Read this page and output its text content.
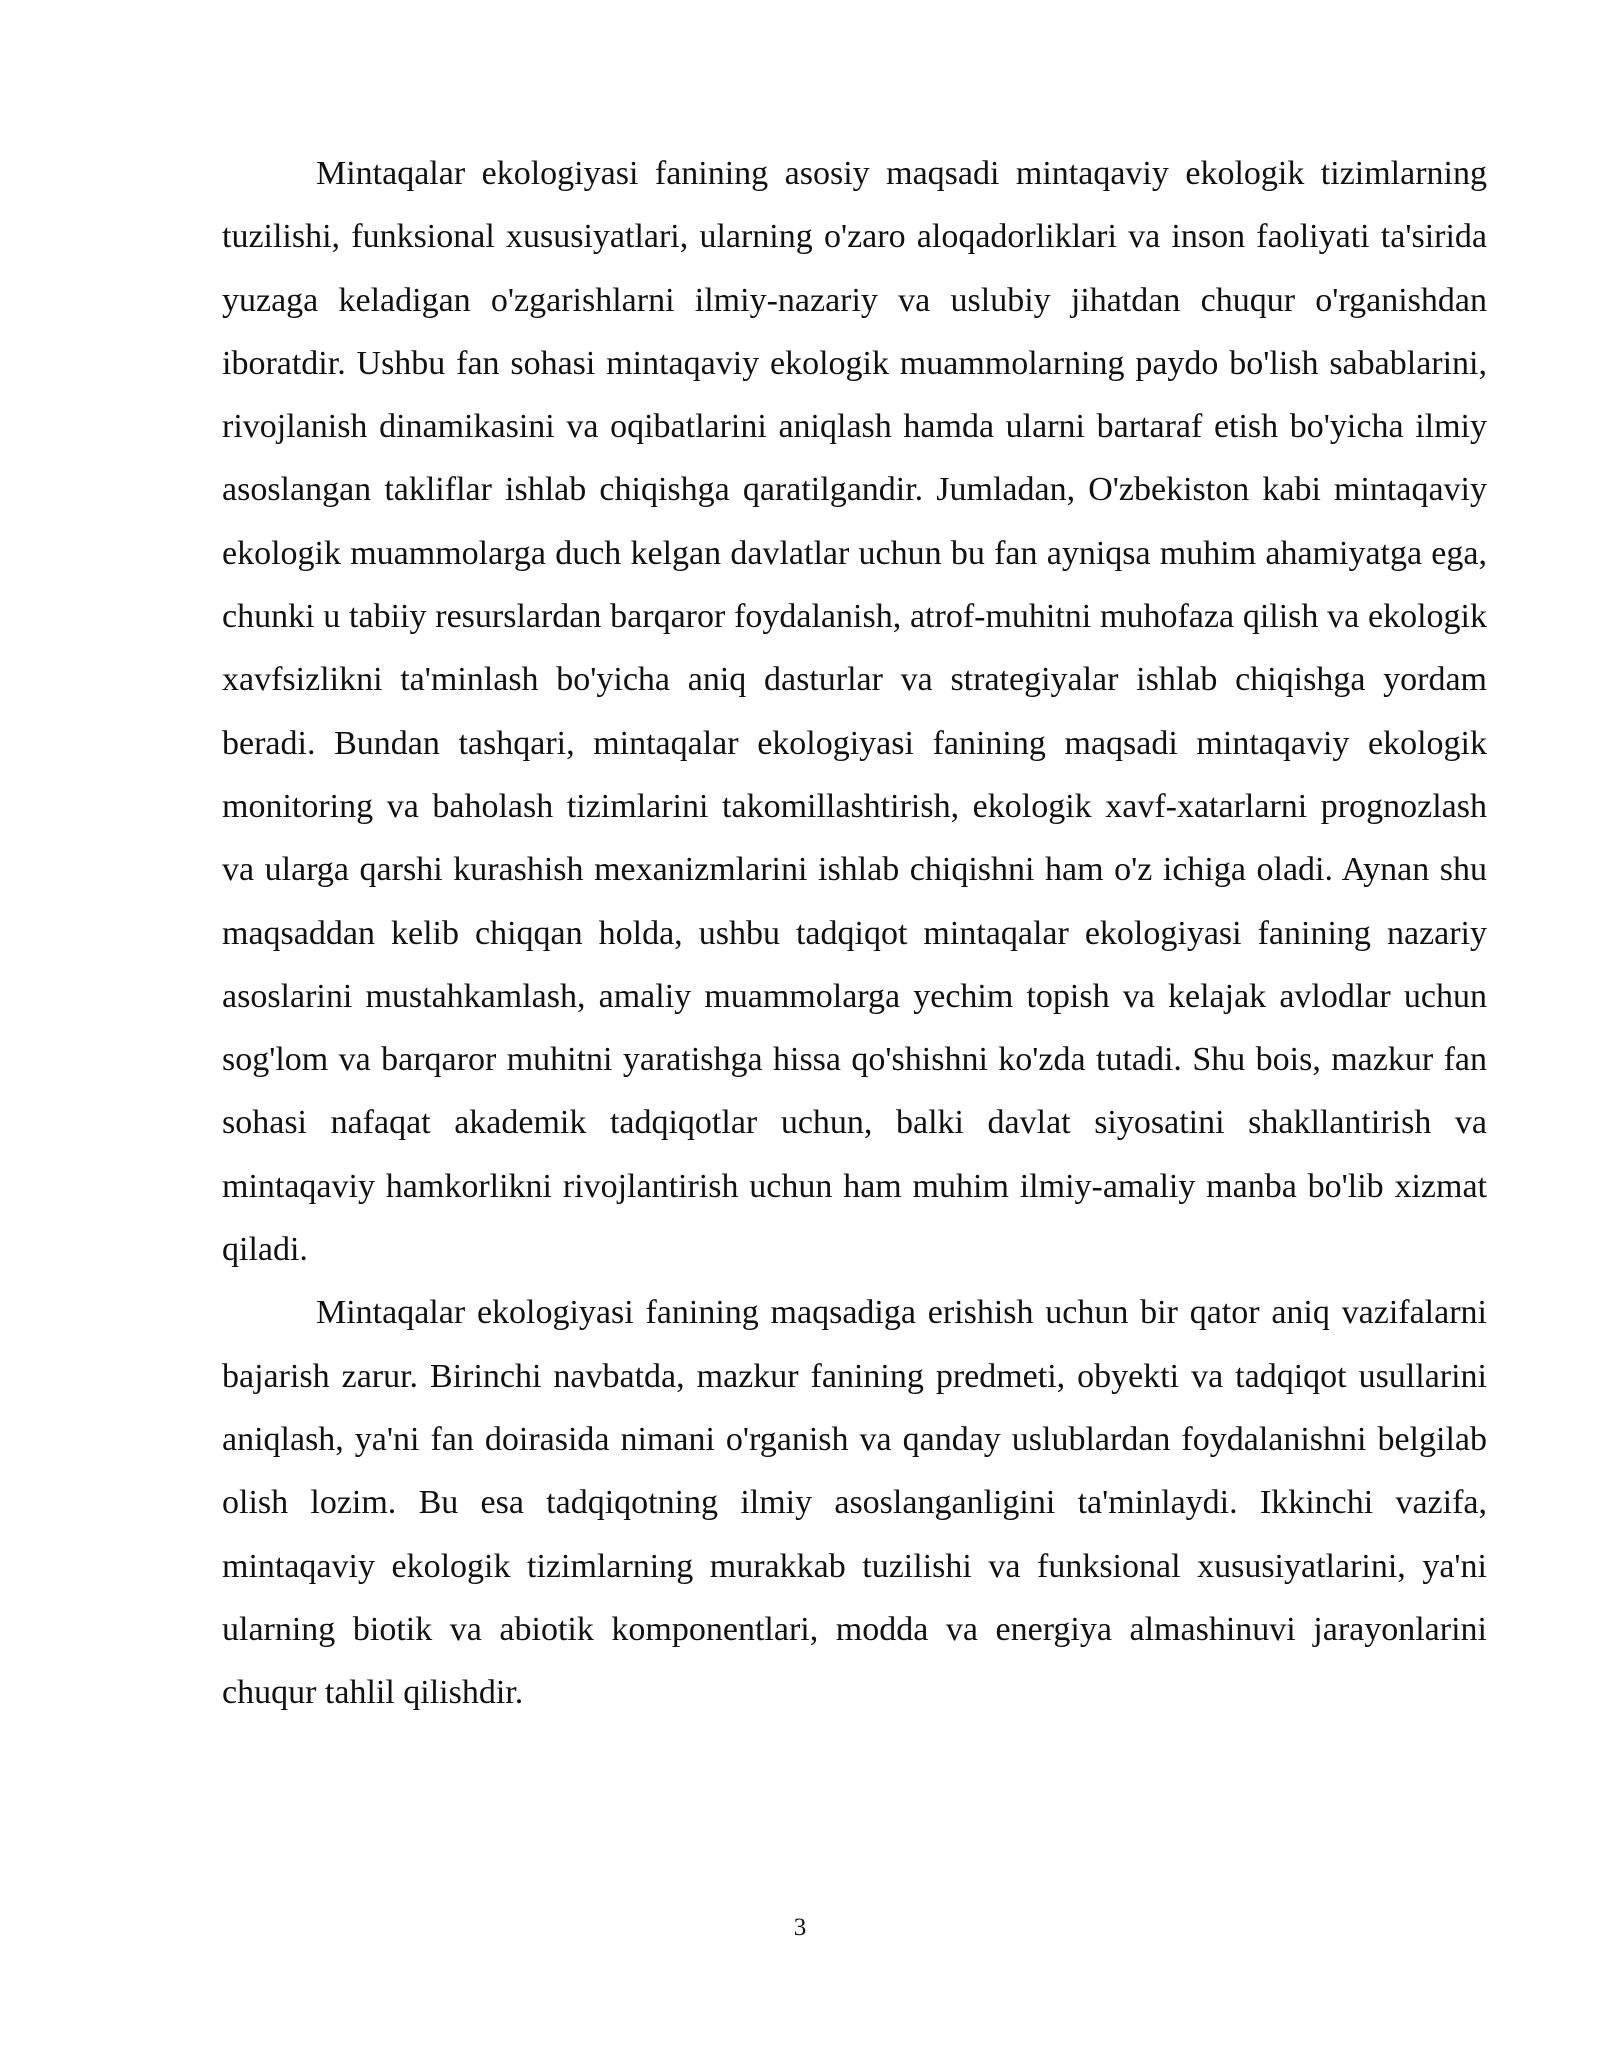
Mintaqalar ekologiyasi fanining asosiy maqsadi mintaqaviy ekologik tizimlarning tuzilishi, funksional xususiyatlari, ularning o'zaro aloqadorliklari va inson faoliyati ta'sirida yuzaga keladigan o'zgarishlarni ilmiy-nazariy va uslubiy jihatdan chuqur o'rganishdan iboratdir. Ushbu fan sohasi mintaqaviy ekologik muammolarning paydo bo'lish sabablarini, rivojlanish dinamikasini va oqibatlarini aniqlash hamda ularni bartaraf etish bo'yicha ilmiy asoslangan takliflar ishlab chiqishga qaratilgandir. Jumladan, O'zbekiston kabi mintaqaviy ekologik muammolarga duch kelgan davlatlar uchun bu fan ayniqsa muhim ahamiyatga ega, chunki u tabiiy resurslardan barqaror foydalanish, atrof-muhitni muhofaza qilish va ekologik xavfsizlikni ta'minlash bo'yicha aniq dasturlar va strategiyalar ishlab chiqishga yordam beradi. Bundan tashqari, mintaqalar ekologiyasi fanining maqsadi mintaqaviy ekologik monitoring va baholash tizimlarini takomillashtirish, ekologik xavf-xatarlarni prognozlash va ularga qarshi kurashish mexanizmlarini ishlab chiqishni ham o'z ichiga oladi. Aynan shu maqsaddan kelib chiqqan holda, ushbu tadqiqot mintaqalar ekologiyasi fanining nazariy asoslarini mustahkamlash, amaliy muammolarga yechim topish va kelajak avlodlar uchun sog'lom va barqaror muhitni yaratishga hissa qo'shishni ko'zda tutadi. Shu bois, mazkur fan sohasi nafaqat akademik tadqiqotlar uchun, balki davlat siyosatini shakllantirish va mintaqaviy hamkorlikni rivojlantirish uchun ham muhim ilmiy-amaliy manba bo'lib xizmat qiladi.

Mintaqalar ekologiyasi fanining maqsadiga erishish uchun bir qator aniq vazifalarni bajarish zarur. Birinchi navbatda, mazkur fanining predmeti, obyekti va tadqiqot usullarini aniqlash, ya'ni fan doirasida nimani o'rganish va qanday uslublardan foydalanishni belgilab olish lozim. Bu esa tadqiqotning ilmiy asoslanganligini ta'minlaydi. Ikkinchi vazifa, mintaqaviy ekologik tizimlarning murakkab tuzilishi va funksional xususiyatlarini, ya'ni ularning biotik va abiotik komponentlari, modda va energiya almashinuvi jarayonlarini chuqur tahlil qilishdir.

3
